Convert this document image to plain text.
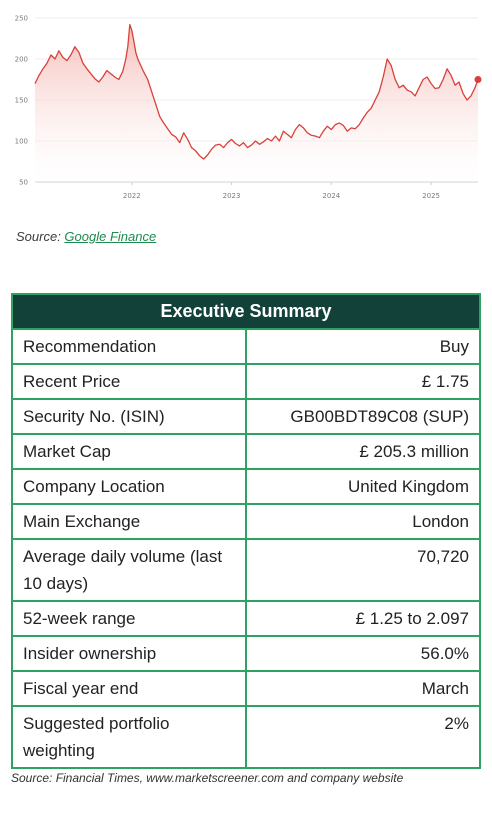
50
100
150
200
250
2022	2023	2024	2025
Source: Google Finance
Executive Summary	
Recommendation	Buy
Recent Price	£ 1.75
Security No. (ISIN)	GB00BDT89C08 (SUP)
Market Cap	£ 205.3 million
Company Location	United Kingdom
Main Exchange	London
Average daily volume (last 10 days)	70,720
52-week range	£ 1.25 to 2.097
Insider ownership	56.0%
Fiscal year end	March
Suggested portfolio weighting	2%
Source: Financial Times, www.marketscreener.com and company website
